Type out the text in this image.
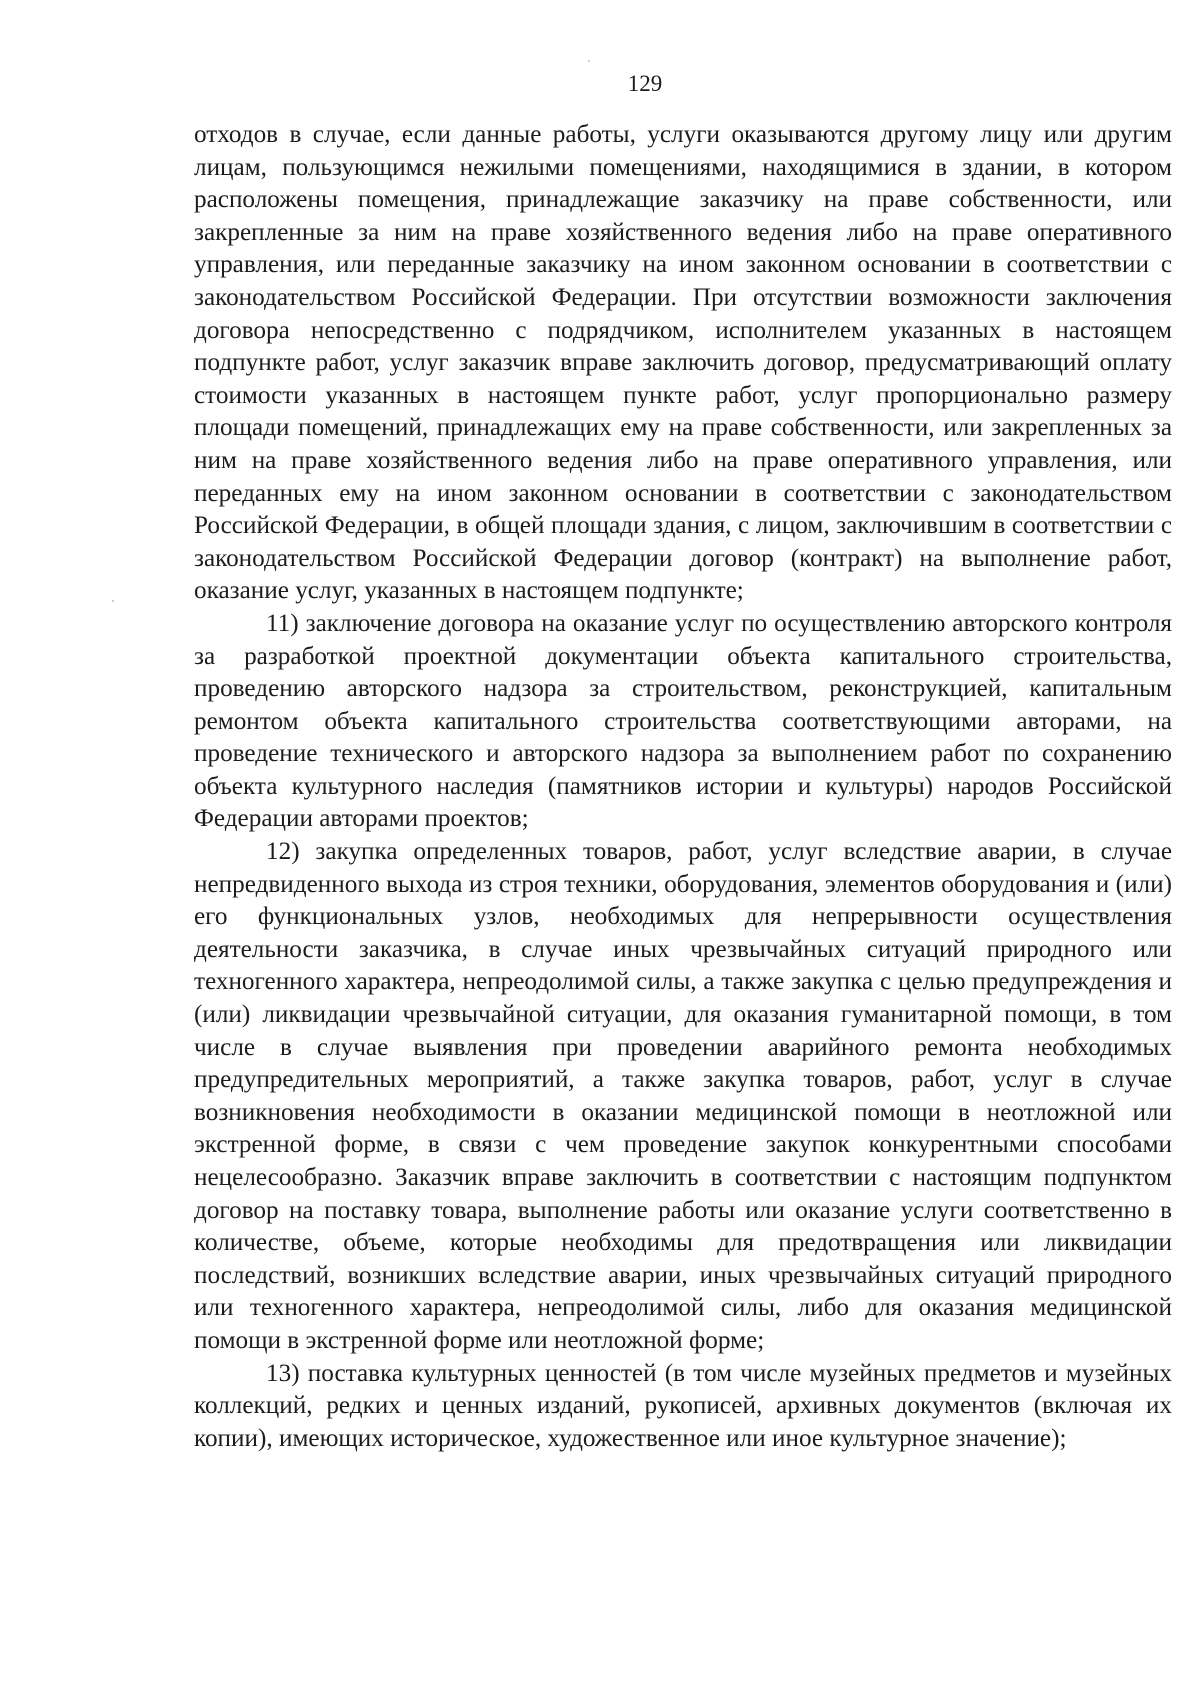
129

отходов в случае, если данные работы, услуги оказываются другому лицу или другим лицам, пользующимся нежилыми помещениями, находящимися в здании, в котором расположены помещения, принадлежащие заказчику на праве собственности, или закрепленные за ним на праве хозяйственного ведения либо на праве оперативного управления, или переданные заказчику на ином законном основании в соответствии с законодательством Российской Федерации. При отсутствии возможности заключения договора непосредственно с подрядчиком, исполнителем указанных в настоящем подпункте работ, услуг заказчик вправе заключить договор, предусматривающий оплату стоимости указанных в настоящем пункте работ, услуг пропорционально размеру площади помещений, принадлежащих ему на праве собственности, или закрепленных за ним на праве хозяйственного ведения либо на праве оперативного управления, или переданных ему на ином законном основании в соответствии с законодательством Российской Федерации, в общей площади здания, с лицом, заключившим в соответствии с законодательством Российской Федерации договор (контракт) на выполнение работ, оказание услуг, указанных в настоящем подпункте;

11) заключение договора на оказание услуг по осуществлению авторского контроля за разработкой проектной документации объекта капитального строительства, проведению авторского надзора за строительством, реконструкцией, капитальным ремонтом объекта капитального строительства соответствующими авторами, на проведение технического и авторского надзора за выполнением работ по сохранению объекта культурного наследия (памятников истории и культуры) народов Российской Федерации авторами проектов;

12) закупка определенных товаров, работ, услуг вследствие аварии, в случае непредвиденного выхода из строя техники, оборудования, элементов оборудования и (или) его функциональных узлов, необходимых для непрерывности осуществления деятельности заказчика, в случае иных чрезвычайных ситуаций природного или техногенного характера, непреодолимой силы, а также закупка с целью предупреждения и (или) ликвидации чрезвычайной ситуации, для оказания гуманитарной помощи, в том числе в случае выявления при проведении аварийного ремонта необходимых предупредительных мероприятий, а также закупка товаров, работ, услуг в случае возникновения необходимости в оказании медицинской помощи в неотложной или экстренной форме, в связи с чем проведение закупок конкурентными способами нецелесообразно. Заказчик вправе заключить в соответствии с настоящим подпунктом договор на поставку товара, выполнение работы или оказание услуги соответственно в количестве, объеме, которые необходимы для предотвращения или ликвидации последствий, возникших вследствие аварии, иных чрезвычайных ситуаций природного или техногенного характера, непреодолимой силы, либо для оказания медицинской помощи в экстренной форме или неотложной форме;

13) поставка культурных ценностей (в том числе музейных предметов и музейных коллекций, редких и ценных изданий, рукописей, архивных документов (включая их копии), имеющих историческое, художественное или иное культурное значение);
